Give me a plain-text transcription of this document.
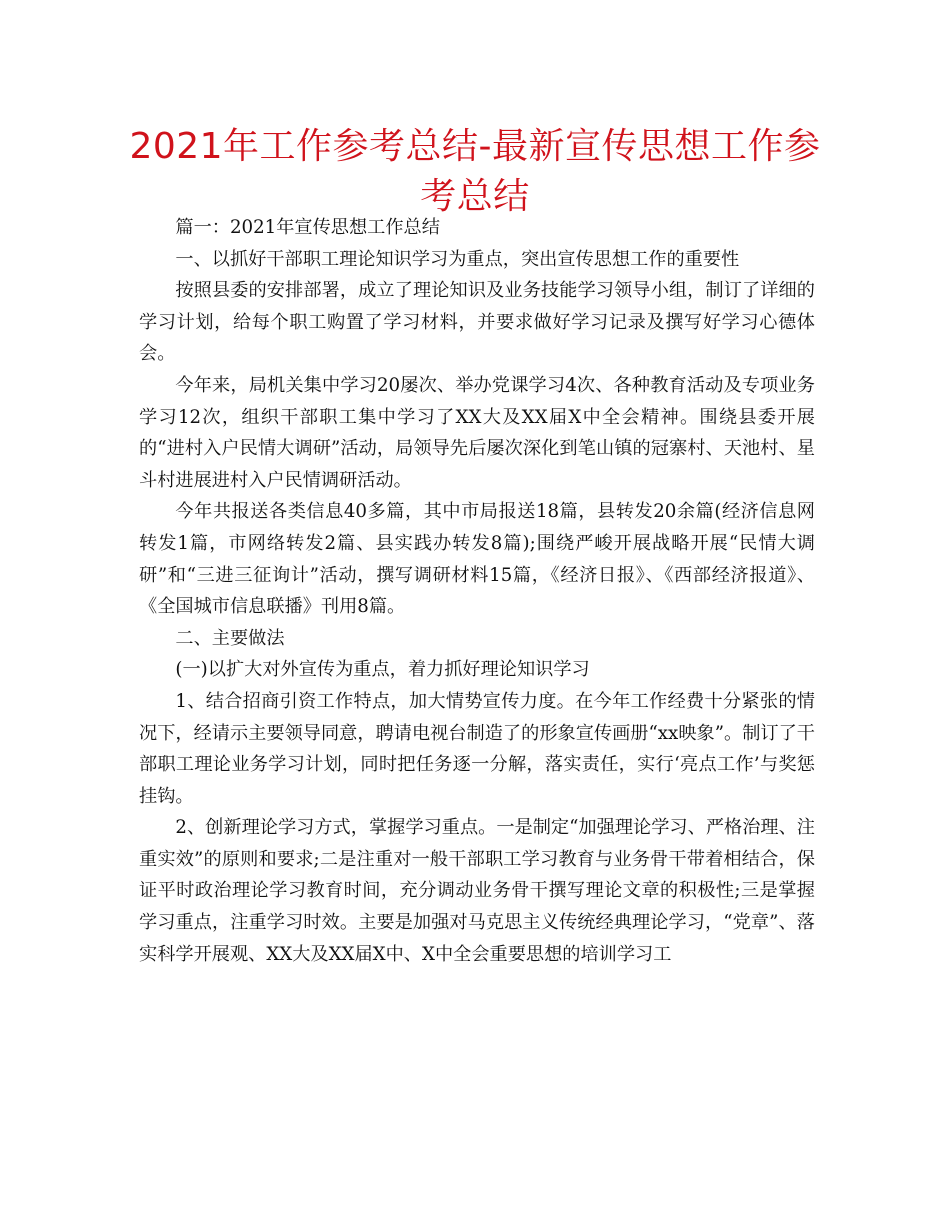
2021年工作参考总结-最新宣传思想工作参考总结

篇一：2021年宣传思想工作总结

一、以抓好干部职工理论知识学习为重点，突出宣传思想工作的重要性

按照县委的安排部署，成立了理论知识及业务技能学习领导小组，制订了详细的学习计划，给每个职工购置了学习材料，并要求做好学习记录及撰写好学习心德体会。

今年来，局机关集中学习20屡次、举办党课学习4次、各种教育活动及专项业务学习12次，组织干部职工集中学习了XX大及XX届X中全会精神。围绕县委开展的“进村入户民情大调研”活动，局领导先后屡次深化到笔山镇的冠寨村、天池村、星斗村进展进村入户民情调研活动。

今年共报送各类信息40多篇，其中市局报送18篇，县转发20余篇(经济信息网转发1篇，市网络转发2篇、县实践办转发8篇);围绕严峻开展战略开展“民情大调研”和“三进三征询计”活动，撰写调研材料15篇，《经济日报》、《西部经济报道》、《全国城市信息联播》刊用8篇。

二、主要做法

(一)以扩大对外宣传为重点，着力抓好理论知识学习

1、结合招商引资工作特点，加大情势宣传力度。在今年工作经费十分紧张的情况下，经请示主要领导同意，聘请电视台制造了的形象宣传画册“xx映象”。制订了干部职工理论业务学习计划，同时把任务逐一分解，落实责任，实行‘亮点工作’与奖惩挂钩。

2、创新理论学习方式，掌握学习重点。一是制定“加强理论学习、严格治理、注重实效”的原则和要求;二是注重对一般干部职工学习教育与业务骨干带着相结合，保证平时政治理论学习教育时间，充分调动业务骨干撰写理论文章的积极性;三是掌握学习重点，注重学习时效。主要是加强对马克思主义传统经典理论学习，“党章”、落实科学开展观、XX大及XX届X中、X中全会重要思想的培训学习工
